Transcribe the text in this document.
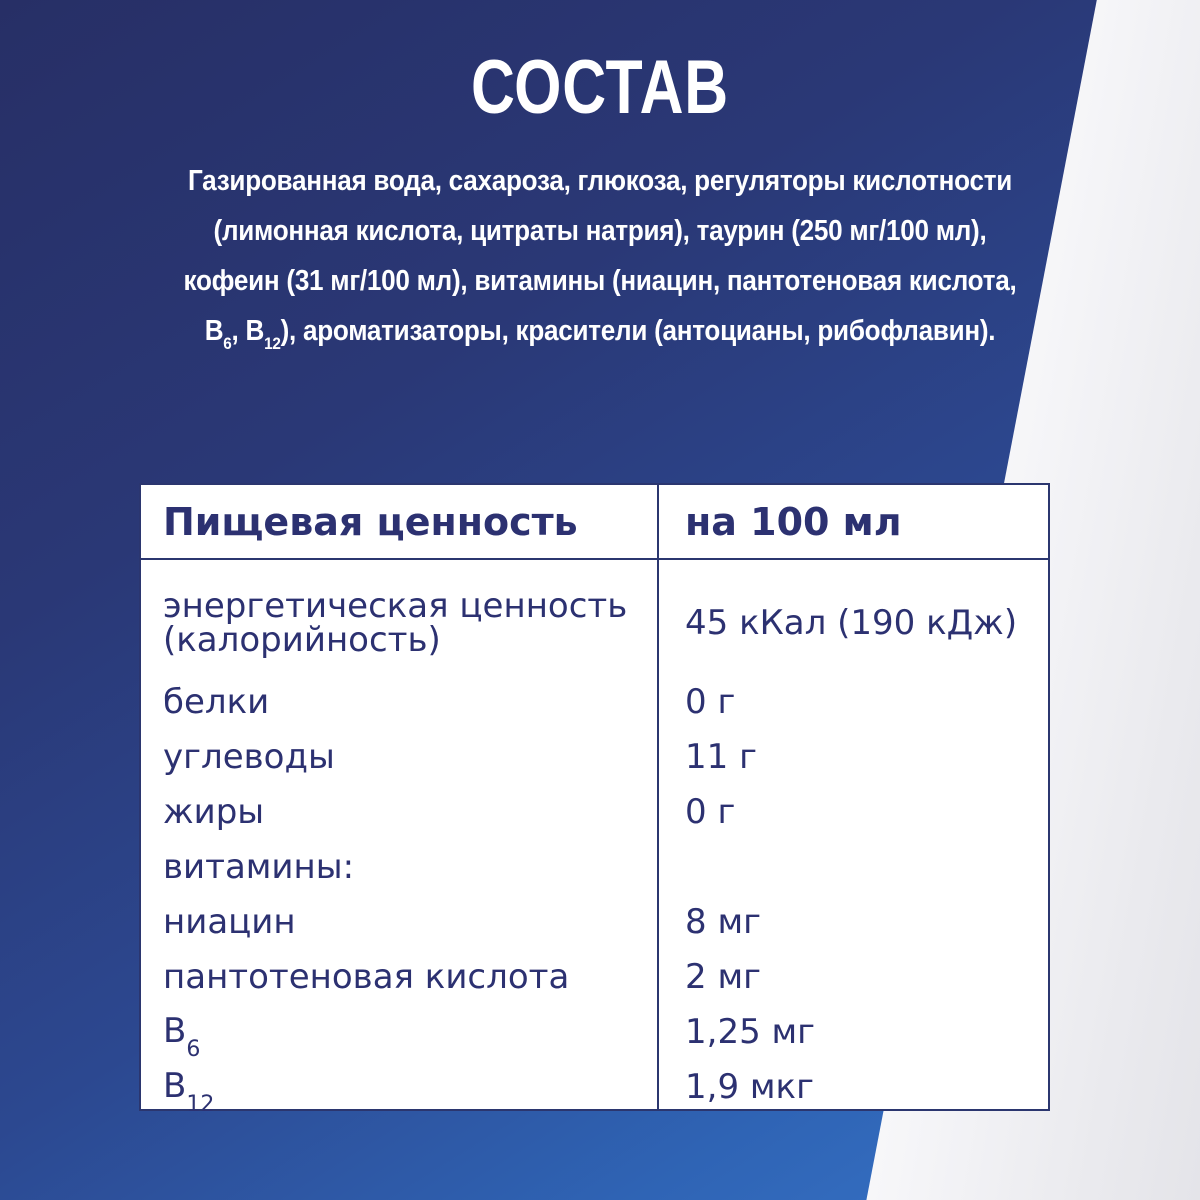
СОСТАВ
Газированная вода, сахароза, глюкоза, регуляторы кислотности
(лимонная кислота, цитраты натрия), таурин (250 мг/100 мл),
кофеин (31 мг/100 мл), витамины (ниацин, пантотеновая кислота,
$В_6$, $В_{12}$), ароматизаторы, красители (антоцианы, рибофлавин).
Пищевая ценность	на 100 мл
энергетическая ценность
(калорийность)	45 кКал (190 кДж)
белки	0 г
углеводы	11 г
жиры	0 г
витамины:
ниацин	8 мг
пантотеновая кислота	2 мг
$В_6$	1,25 мг
$В_{12}$	1,9 мкг
